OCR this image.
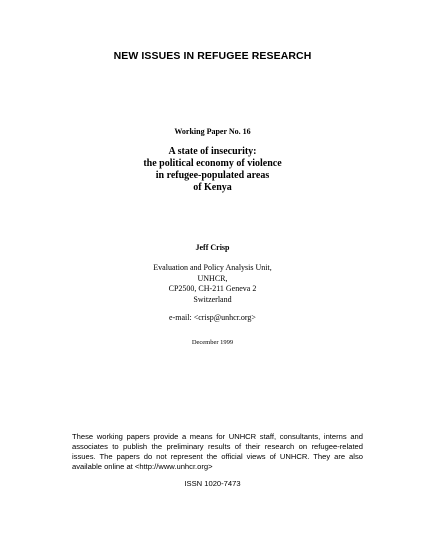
NEW ISSUES IN REFUGEE RESEARCH
Working Paper No. 16
A state of insecurity:
the political economy of violence
in refugee-populated areas
of Kenya
Jeff Crisp
Evaluation and Policy Analysis Unit,
UNHCR,
CP2500, CH-211 Geneva 2
Switzerland
e-mail: <crisp@unhcr.org>
December 1999
These working papers provide a means for UNHCR staff, consultants, interns and
associates to publish the preliminary results of their research on refugee-related
issues. The papers do not represent the official views of UNHCR. They are also
available online at <http://www.unhcr.org>
ISSN 1020-7473
